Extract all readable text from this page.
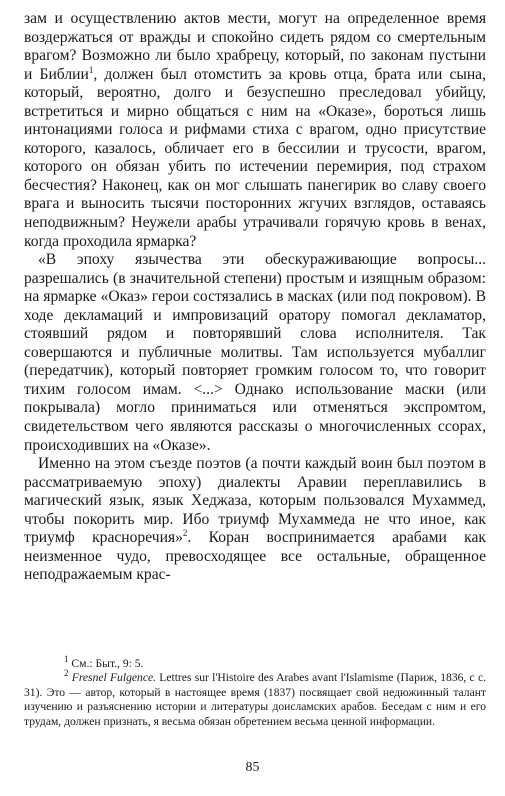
зам и осуществлению актов мести, могут на определенное время воздержаться от вражды и спокойно сидеть рядом со смертельным врагом? Возможно ли было храбрецу, который, по законам пустыни и Библии$^1$, должен был отомстить за кровь отца, брата или сына, который, вероятно, долго и безуспешно преследовал убийцу, встретиться и мирно общаться с ним на «Оказе», бороться лишь интонациями голоса и рифмами стиха с врагом, одно присутствие которого, казалось, обличает его в бессилии и трусости, врагом, которого он обязан убить по истечении перемирия, под страхом бесчестия? Наконец, как он мог слышать панегирик во славу своего врага и выносить тысячи посторонних жгучих взглядов, оставаясь неподвижным? Неужели арабы утрачивали горячую кровь в венах, когда проходила ярмарка?

«В эпоху язычества эти обескураживающие вопросы... разрешались (в значительной степени) простым и изящным образом: на ярмарке «Оказ» герои состязались в масках (или под покровом). В ходе декламаций и импровизаций оратору помогал декламатор, стоявший рядом и повторявший слова исполнителя. Так совершаются и публичные молитвы. Там используется мубаллиг (передатчик), который повторяет громким голосом то, что говорит тихим голосом имам. <...> Однако использование маски (или покрывала) могло приниматься или отменяться экспромтом, свидетельством чего являются рассказы о многочисленных ссорах, происходивших на «Оказе».

Именно на этом съезде поэтов (а почти каждый воин был поэтом в рассматриваемую эпоху) диалекты Аравии переплавились в магический язык, язык Хеджаза, которым пользовался Мухаммед, чтобы покорить мир. Ибо триумф Мухаммеда не что иное, как триумф красноречия»$^2$. Коран воспринимается арабами как неизменное чудо, превосходящее все остальные, обращенное неподражаемым крас-

$^1$ См.: Быт., 9: 5.

$^2$ Fresnel Fulgence. Lettres sur l'Histoire des Arabes avant l'Islamisme (Париж, 1836, с с. 31). Это — автор, который в настоящее время (1837) посвящает свой недюжинный талант изучению и разъяснению истории и литературы доисламских арабов. Беседам с ним и его трудам, должен признать, я весьма обязан обретением весьма ценной информации.

85
